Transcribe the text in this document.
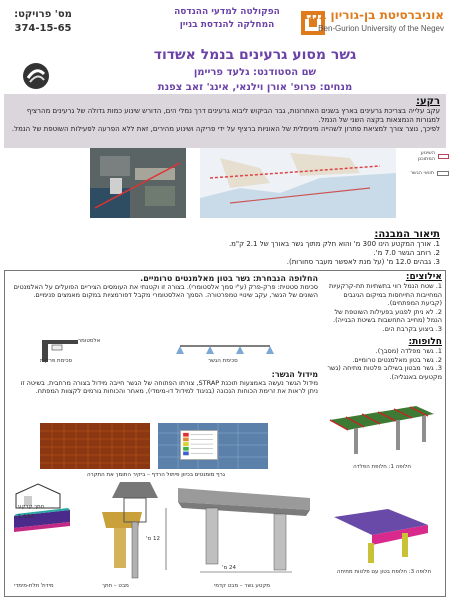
אוניברסיטת בן-גוריון בנגב
Ben-Gurion University of the Negev
הפקולטה למדעי ההנדסה
המחלקה להנדסת בניין
מס' פרויקט:
374-15-65
גשר מסוע גרעינים בנמל אשדוד
שם הסטודנט: גלעד פריימן
מנחים: פרופ' אורן וילנאי, אינג' זאב צפנת
רקע:
עקב עלייה בצריכת גרעינים בארץ בשנים האחרונות, גבר הביקוש ליבוא גרעינים דרך נמלי הים, הדורש שינוע כמות גדולה של גרעינים מהרציף למגורות הנמצאות בקצה השני של הנמל.
לפיכך, נוצר צורך למציאת פתרון לשהייה מינימלית של האוניות ברציף על ידי פריקה ושינוע מהירים, זאת ללא הפרעה לפעילות השוטפת של הנמל.
השינוע המתוכנן
תוואי הגשר
תיאור המבנה:
1. אורך המקטע הינו 300 מ' והוא חלק מתוך גשר באורך של 2.1 ק"מ.
2. רוחב הגשר 7.0 מ'.
3. גבהים 12.0 מ' (על מנת לאפשר מעבר סחורות).
אילוצים:
1. שטח הנמל רווי בתשתיות תת-קרקעיות המחייבות התייחסות במיקום הגיגבים (קביעת המפתחים).
2. לא ניתן לפגוע בפעילות השוטפת של הנמל (מחייב התחשבות בשיטת הבנייה).
3. ביצוע בקרבת הים.
חלופות:
1. גשר מפלדה (מסבך).
2. גשר בטון מאלמנטים טרומיים.
3. גשר מבטון בשילוב פלטות מתיחה (גשר מקטעים באנגליה).
חלופה 1: חלופת הפלדה
חלופה 3: חלופת בטון עם פלטות מתיחה
החלופה הנבחרת: גשר בטון מאלמנטים טרומיים.
סכימת סטטית: פרק-פרק (ע"י סמך אלסטומרי). בצורה זו וקטנתי את העומסים הציריים הפועלים על האלמנטים השונים של הגשר, עקב שינויי טמפרטורה. הסמך האלסטומרי מקבל דפורמציות במקום מאמצים פנימיים.
אלסטומר
סכימת פרקית	סכימת הגשר
מידול הגשר:
מידול הגשר נעשה באמצעות תוכנת STRAP, צורתו הפתוחה של הגשר חייבה מידול בצורה מרחבית. בשיטה זו ניתן לראות את זרימת הכוחות הנכונה (בניגוד למידול דו-מימדי), מאחר והכוחות גורמים לקצוות המפתח.
גרף מומנטים בכיוון פיתול הרדף – ביקיר התומך את התקרה
1:100
חתך קרקע
מידול תלת-מימדי	מבט – חתך	מקטע גשר – מבט קדמי
24 מ'
12 מ'
